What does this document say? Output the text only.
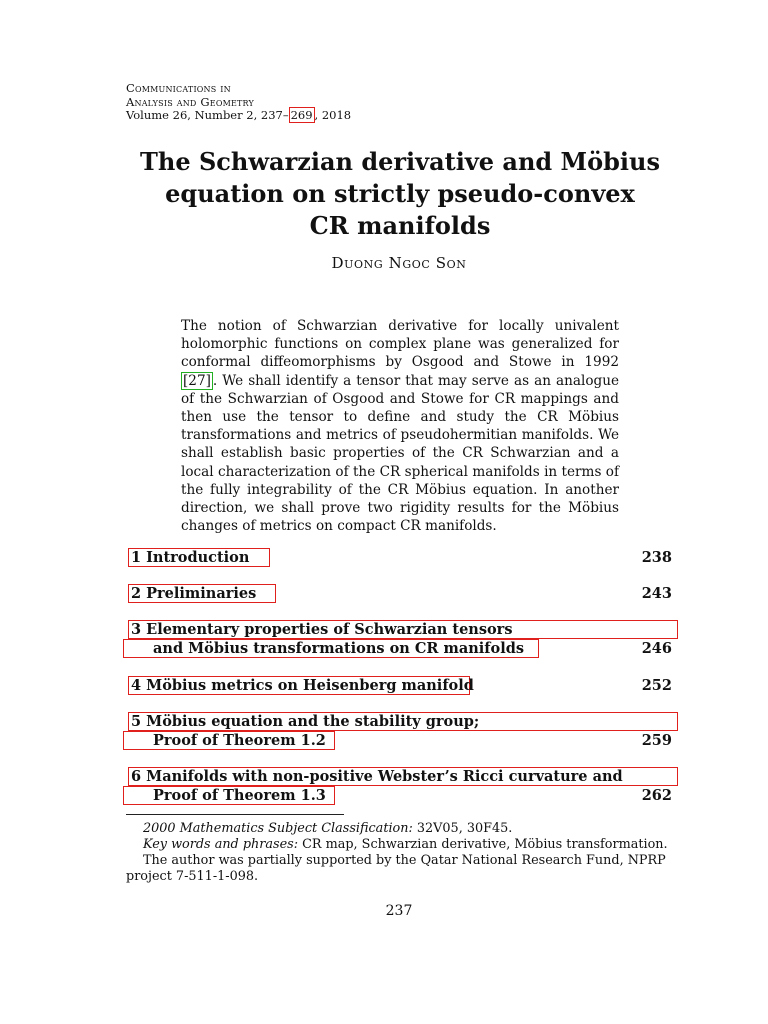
Communications in
Analysis and Geometry
Volume 26, Number 2, 237– 269 , 2018
The Schwarzian derivative and Möbius
equation on strictly pseudo-convex
CR manifolds
Duong Ngoc Son

The notion of Schwarzian derivative for locally univalent holomorphic functions on complex plane was generalized for conformal diffeomorphisms by Osgood and Stowe in 1992 [27] . We shall identify a tensor that may serve as an analogue of the Schwarzian of Osgood and Stowe for CR mappings and then use the tensor to define and study the CR Möbius transformations and metrics of pseudohermitian manifolds. We shall establish basic properties of the CR Schwarzian and a local characterization of the CR spherical manifolds in terms of the fully integrability of the CR Möbius equation. In another direction, we shall prove two rigidity results for the Möbius changes of metrics on compact CR manifolds.

1 Introduction	238
2 Preliminaries	243
3 Elementary properties of Schwarzian tensors
and Möbius transformations on CR manifolds	246
4 Möbius metrics on Heisenberg manifold	252
5 Möbius equation and the stability group;
Proof of Theorem 1.2	259
6 Manifolds with non-positive Webster’s Ricci curvature and
Proof of Theorem 1.3	262
2000 Mathematics Subject Classification: 32V05, 30F45.
Key words and phrases: CR map, Schwarzian derivative, Möbius transformation.
The author was partially supported by the Qatar National Research Fund, NPRP
project 7-511-1-098.
237
